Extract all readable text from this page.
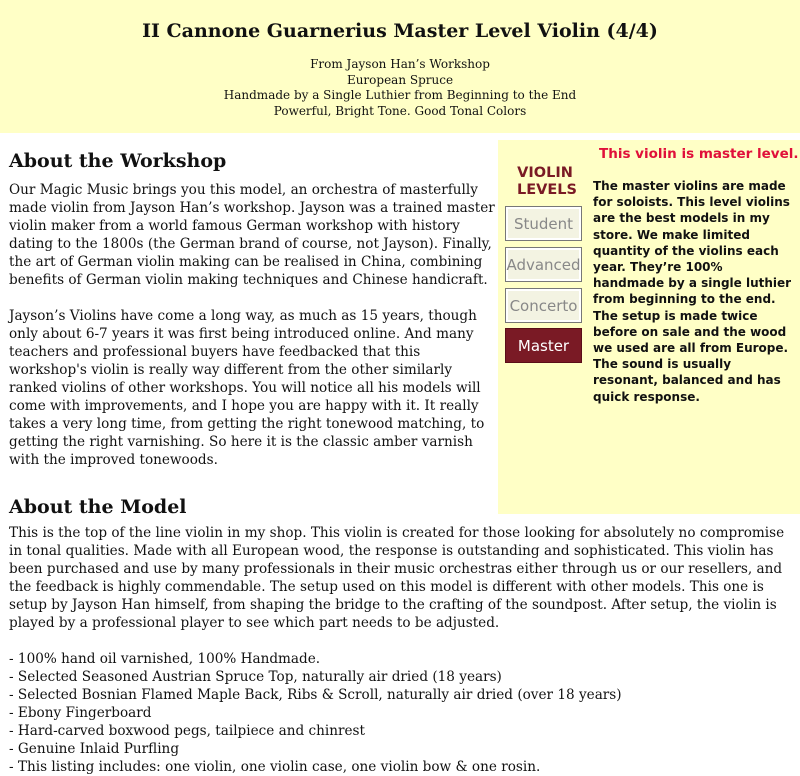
II Cannone Guarnerius Master Level Violin (4/4)
From Jayson Han’s Workshop
European Spruce
Handmade by a Single Luthier from Beginning to the End
Powerful, Bright Tone. Good Tonal Colors
VIOLIN
LEVELS
Student
Advanced
Concerto
Master
This violin is master level.
The master violins are made for soloists. This level violins are the best models in my store. We make limited quantity of the violins each year. They’re 100% handmade by a single luthier from beginning to the end. The setup is made twice before on sale and the wood we used are all from Europe. The sound is usually resonant, balanced and has quick response.
About the Workshop

Our Magic Music brings you this model, an orchestra of masterfully made violin from Jayson Han’s workshop. Jayson was a trained master violin maker from a world famous German workshop with history dating to the 1800s (the German brand of course, not Jayson). Finally, the art of German violin making can be realised in China, combining benefits of German violin making techniques and Chinese handicraft.

Jayson’s Violins have come a long way, as much as 15 years, though only about 6-7 years it was first being introduced online. And many teachers and professional buyers have feedbacked that this workshop's violin is really way different from the other similarly ranked violins of other workshops. You will notice all his models will come with improvements, and I hope you are happy with it. It really takes a very long time, from getting the right tonewood matching, to getting the right varnishing. So here it is the classic amber varnish with the improved tonewoods.

About the Model

This is the top of the line violin in my shop. This violin is created for those looking for absolutely no compromise in tonal qualities. Made with all European wood, the response is outstanding and sophisticated. This violin has been purchased and use by many professionals in their music orchestras either through us or our resellers, and the feedback is highly commendable. The setup used on this model is different with other models. This one is setup by Jayson Han himself, from shaping the bridge to the crafting of the soundpost. After setup, the violin is played by a professional player to see which part needs to be adjusted.

- 100% hand oil varnished, 100% Handmade.
- Selected Seasoned Austrian Spruce Top, naturally air dried (18 years)
- Selected Bosnian Flamed Maple Back, Ribs & Scroll, naturally air dried (over 18 years)
- Ebony Fingerboard
- Hard-carved boxwood pegs, tailpiece and chinrest
- Genuine Inlaid Purfling
- This listing includes: one violin, one violin case, one violin bow & one rosin.
